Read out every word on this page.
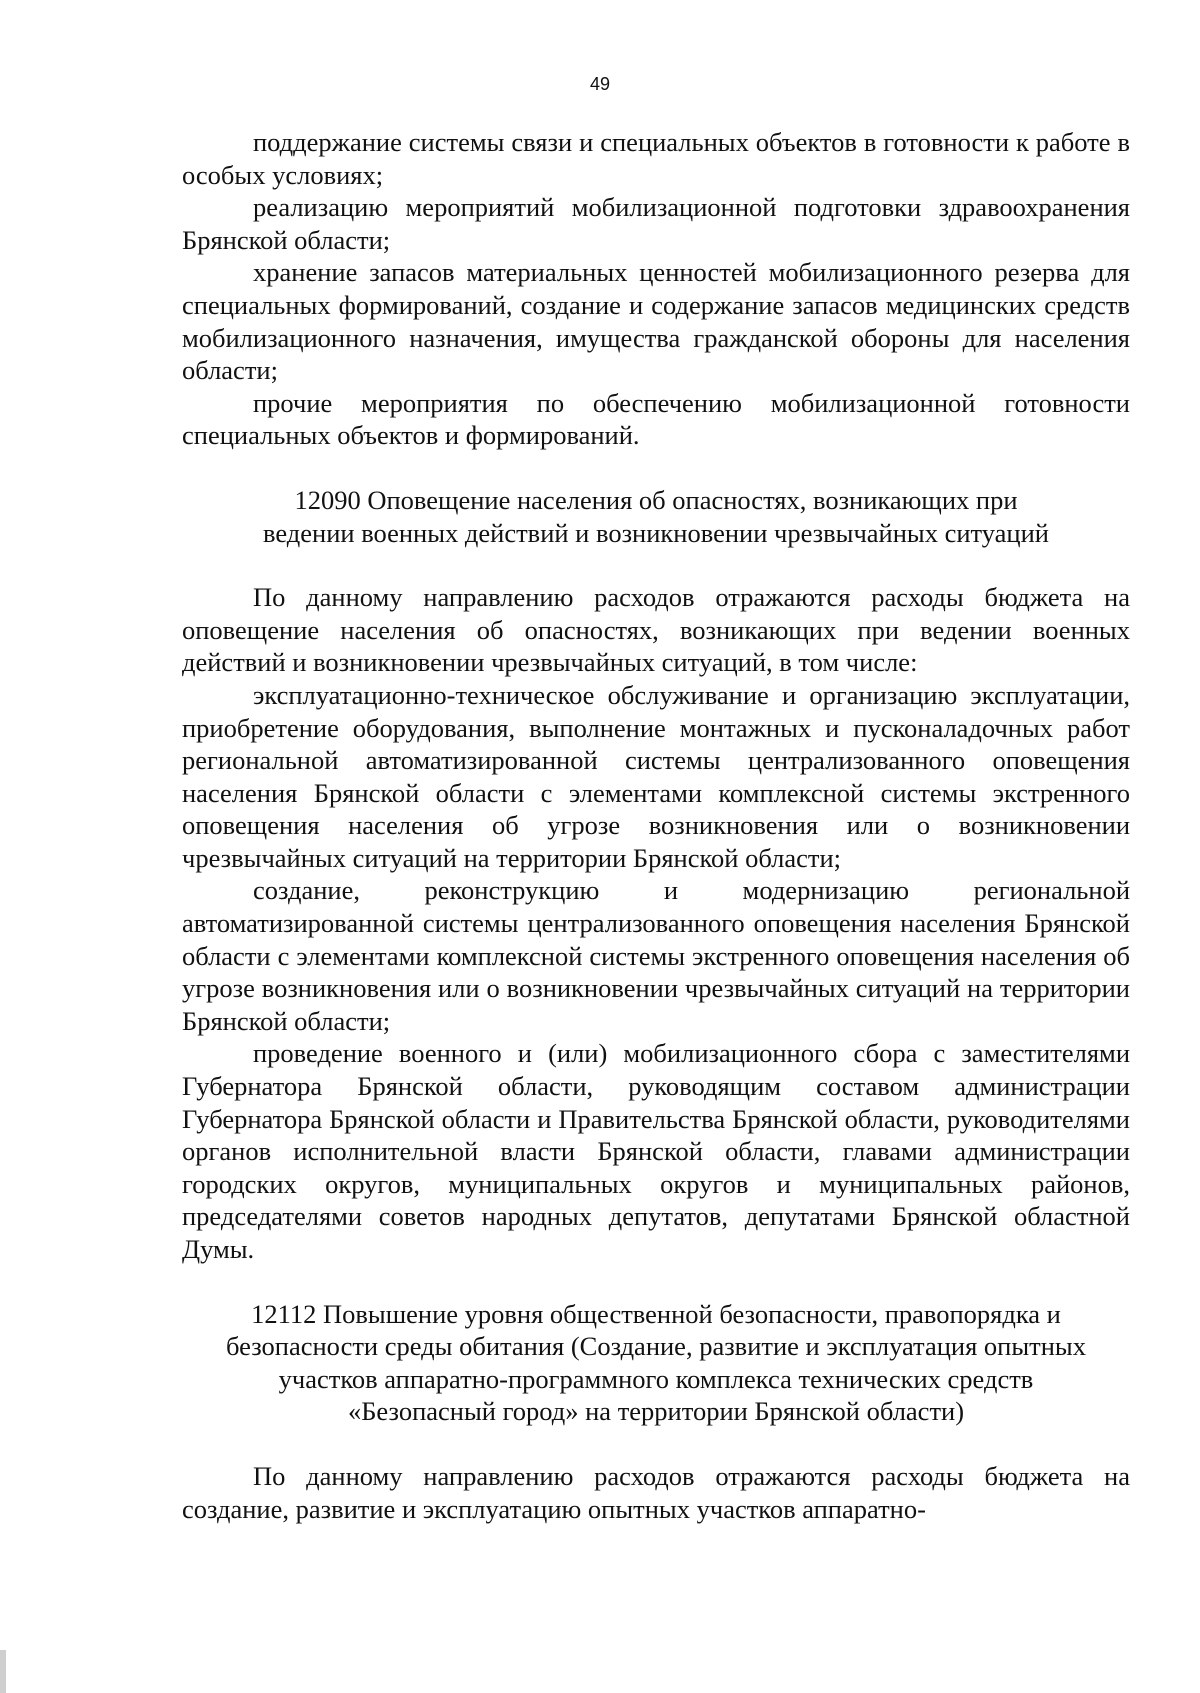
49

поддержание системы связи и специальных объектов в готовности к работе в особых условиях;

реализацию мероприятий мобилизационной подготовки здравоохранения Брянской области;

хранение запасов материальных ценностей мобилизационного резерва для специальных формирований, создание и содержание запасов медицинских средств мобилизационного назначения, имущества гражданской обороны для населения области;

прочие мероприятия по обеспечению мобилизационной готовности специальных объектов и формирований.

12090 Оповещение населения об опасностях, возникающих при
ведении военных действий и возникновении чрезвычайных ситуаций

По данному направлению расходов отражаются расходы бюджета на оповещение населения об опасностях, возникающих при ведении военных действий и возникновении чрезвычайных ситуаций, в том числе:

эксплуатационно-техническое обслуживание и организацию эксплуатации, приобретение оборудования, выполнение монтажных и пусконаладочных работ региональной автоматизированной системы централизованного оповещения населения Брянской области с элементами комплексной системы экстренного оповещения населения об угрозе возникновения или о возникновении чрезвычайных ситуаций на территории Брянской области;

создание, реконструкцию и модернизацию региональной автоматизированной системы централизованного оповещения населения Брянской области с элементами комплексной системы экстренного оповещения населения об угрозе возникновения или о возникновении чрезвычайных ситуаций на территории Брянской области;

проведение военного и (или) мобилизационного сбора с заместителями Губернатора Брянской области, руководящим составом администрации Губернатора Брянской области и Правительства Брянской области, руководителями органов исполнительной власти Брянской области, главами администрации городских округов, муниципальных округов и муниципальных районов, председателями советов народных депутатов, депутатами Брянской областной Думы.

12112 Повышение уровня общественной безопасности, правопорядка и
безопасности среды обитания (Создание, развитие и эксплуатация опытных
участков аппаратно-программного комплекса технических средств
«Безопасный город» на территории Брянской области)

По данному направлению расходов отражаются расходы бюджета на создание, развитие и эксплуатацию опытных участков аппаратно-
